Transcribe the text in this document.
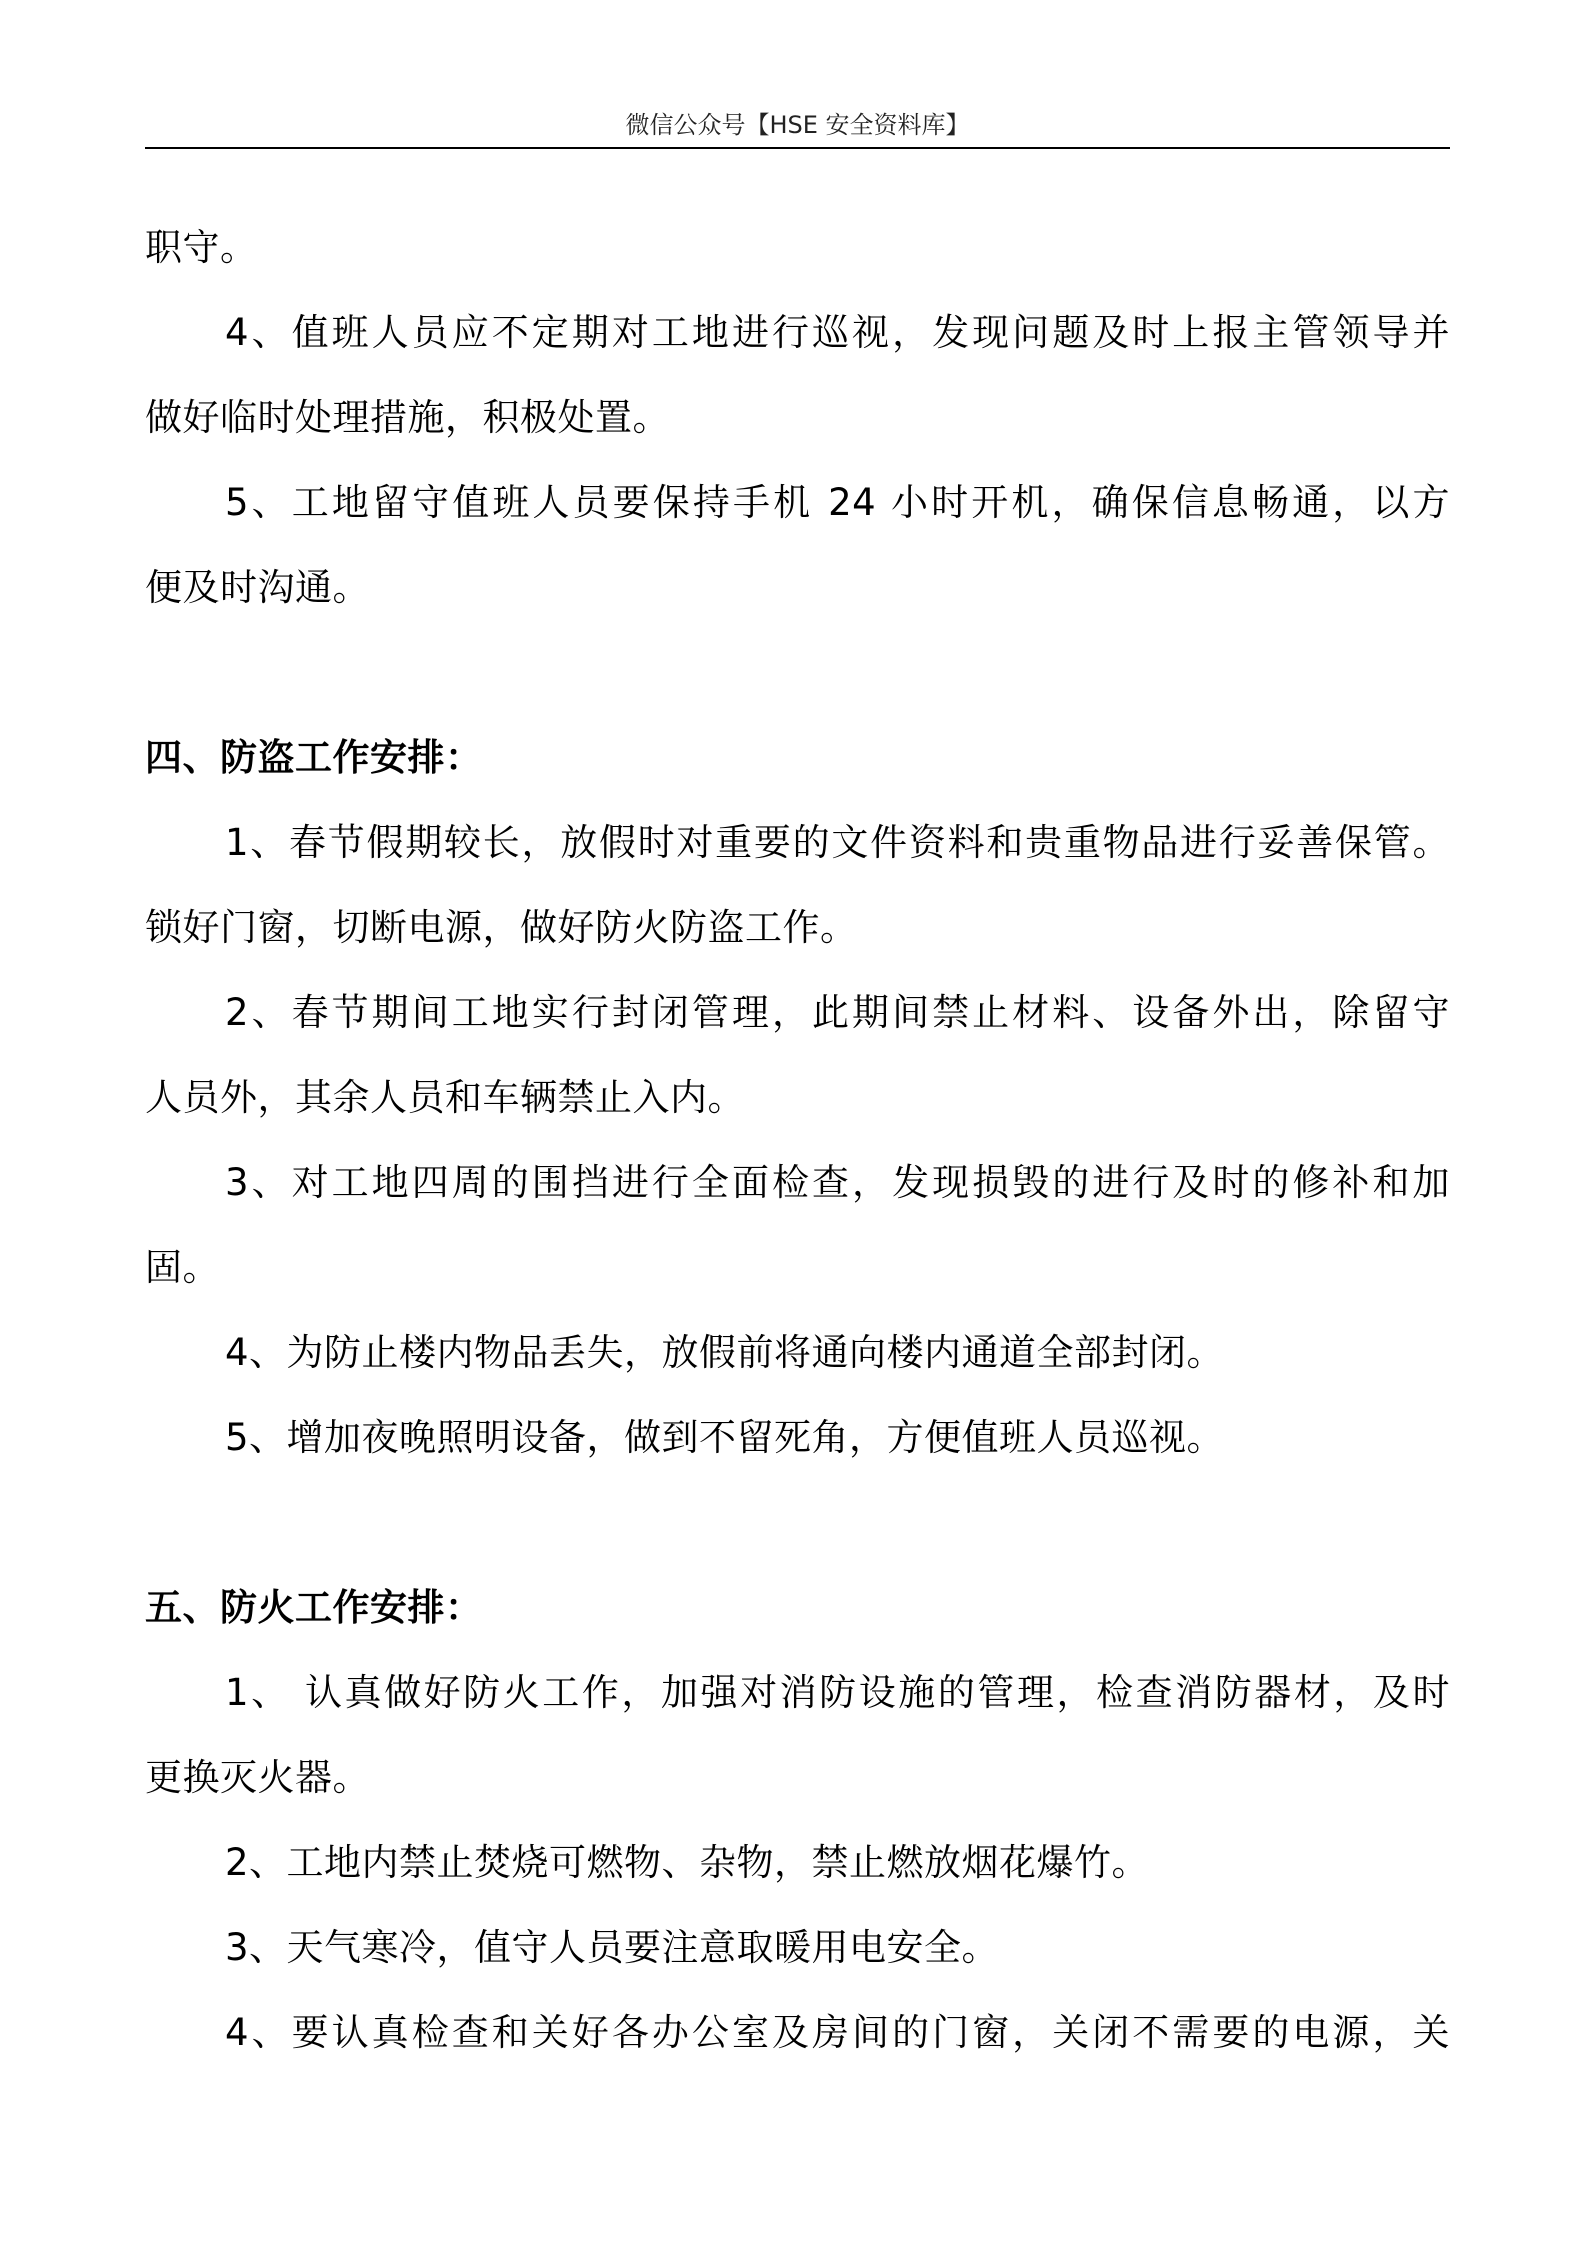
微信公众号【HSE 安全资料库】

职守。

4、值班人员应不定期对工地进行巡视，发现问题及时上报主管领导并
做好临时处理措施，积极处置。

5、工地留守值班人员要保持手机 24 小时开机，确保信息畅通，以方
便及时沟通。

四、防盗工作安排：

1、春节假期较长，放假时对重要的文件资料和贵重物品进行妥善保管。
锁好门窗，切断电源，做好防火防盗工作。

2、春节期间工地实行封闭管理，此期间禁止材料、设备外出，除留守
人员外，其余人员和车辆禁止入内。

3、对工地四周的围挡进行全面检查，发现损毁的进行及时的修补和加
固。

4、为防止楼内物品丢失，放假前将通向楼内通道全部封闭。

5、增加夜晚照明设备，做到不留死角，方便值班人员巡视。

五、防火工作安排：

1、 认真做好防火工作，加强对消防设施的管理，检查消防器材，及时
更换灭火器。

2、工地内禁止焚烧可燃物、杂物，禁止燃放烟花爆竹。

3、天气寒冷，值守人员要注意取暖用电安全。

4、要认真检查和关好各办公室及房间的门窗，关闭不需要的电源，关
